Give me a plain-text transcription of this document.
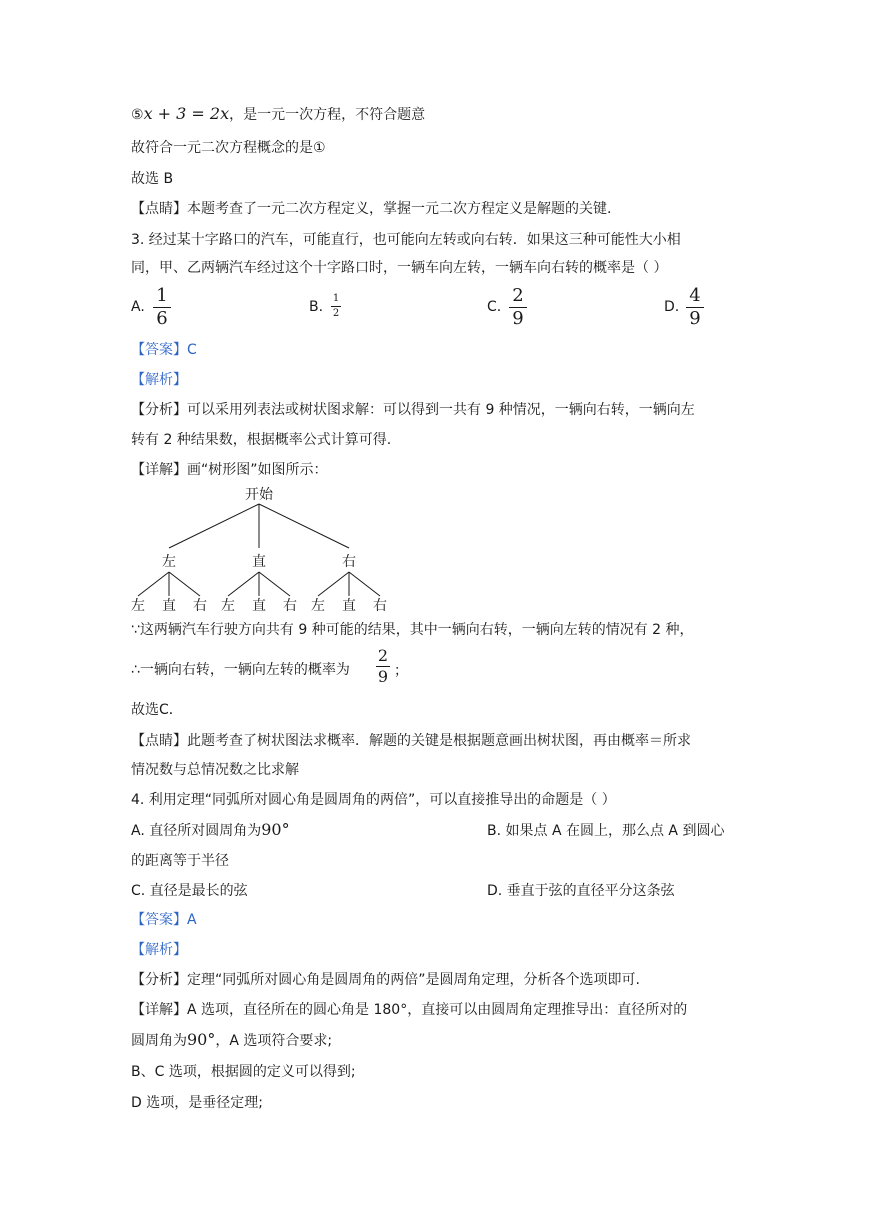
⑤x + 3 = 2x，是一元一次方程，不符合题意
故符合一元二次方程概念的是①
故选 B
【点睛】本题考查了一元二次方程定义，掌握一元二次方程定义是解题的关键.
3. 经过某十字路口的汽车，可能直行，也可能向左转或向右转．如果这三种可能性大小相
同，甲、乙两辆汽车经过这个十字路口时，一辆车向左转，一辆车向右转的概率是（ ）
A.
1
6
B.
1
2	C.
2
9
D.
4
9
【答案】C
【解析】
【分析】可以采用列表法或树状图求解：可以得到一共有 9 种情况，一辆向右转，一辆向左
转有 2 种结果数，根据概率公式计算可得.
【详解】画“树形图”如图所示：
开始
左	直	右
左 直 右 左 直 右 左 直 右
∵这两辆汽车行驶方向共有 9 种可能的结果，其中一辆向右转，一辆向左转的情况有 2 种，
∴一辆向右转，一辆向左转的概率为
2
9 ；
故选C．
【点睛】此题考查了树状图法求概率．解题的关键是根据题意画出树状图，再由概率＝所求
情况数与总情况数之比求解
4. 利用定理“同弧所对圆心角是圆周角的两倍”，可以直接推导出的命题是（ ）
A. 直径所对圆周角为90°	B. 如果点 A 在圆上，那么点 A 到圆心
的距离等于半径
C. 直径是最长的弦	D. 垂直于弦的直径平分这条弦
【答案】A
【解析】
【分析】定理“同弧所对圆心角是圆周角的两倍”是圆周角定理，分析各个选项即可.
【详解】A 选项，直径所在的圆心角是 180°，直接可以由圆周角定理推导出：直径所对的
圆周角为90°，A 选项符合要求;
B、C 选项，根据圆的定义可以得到;
D 选项，是垂径定理;
